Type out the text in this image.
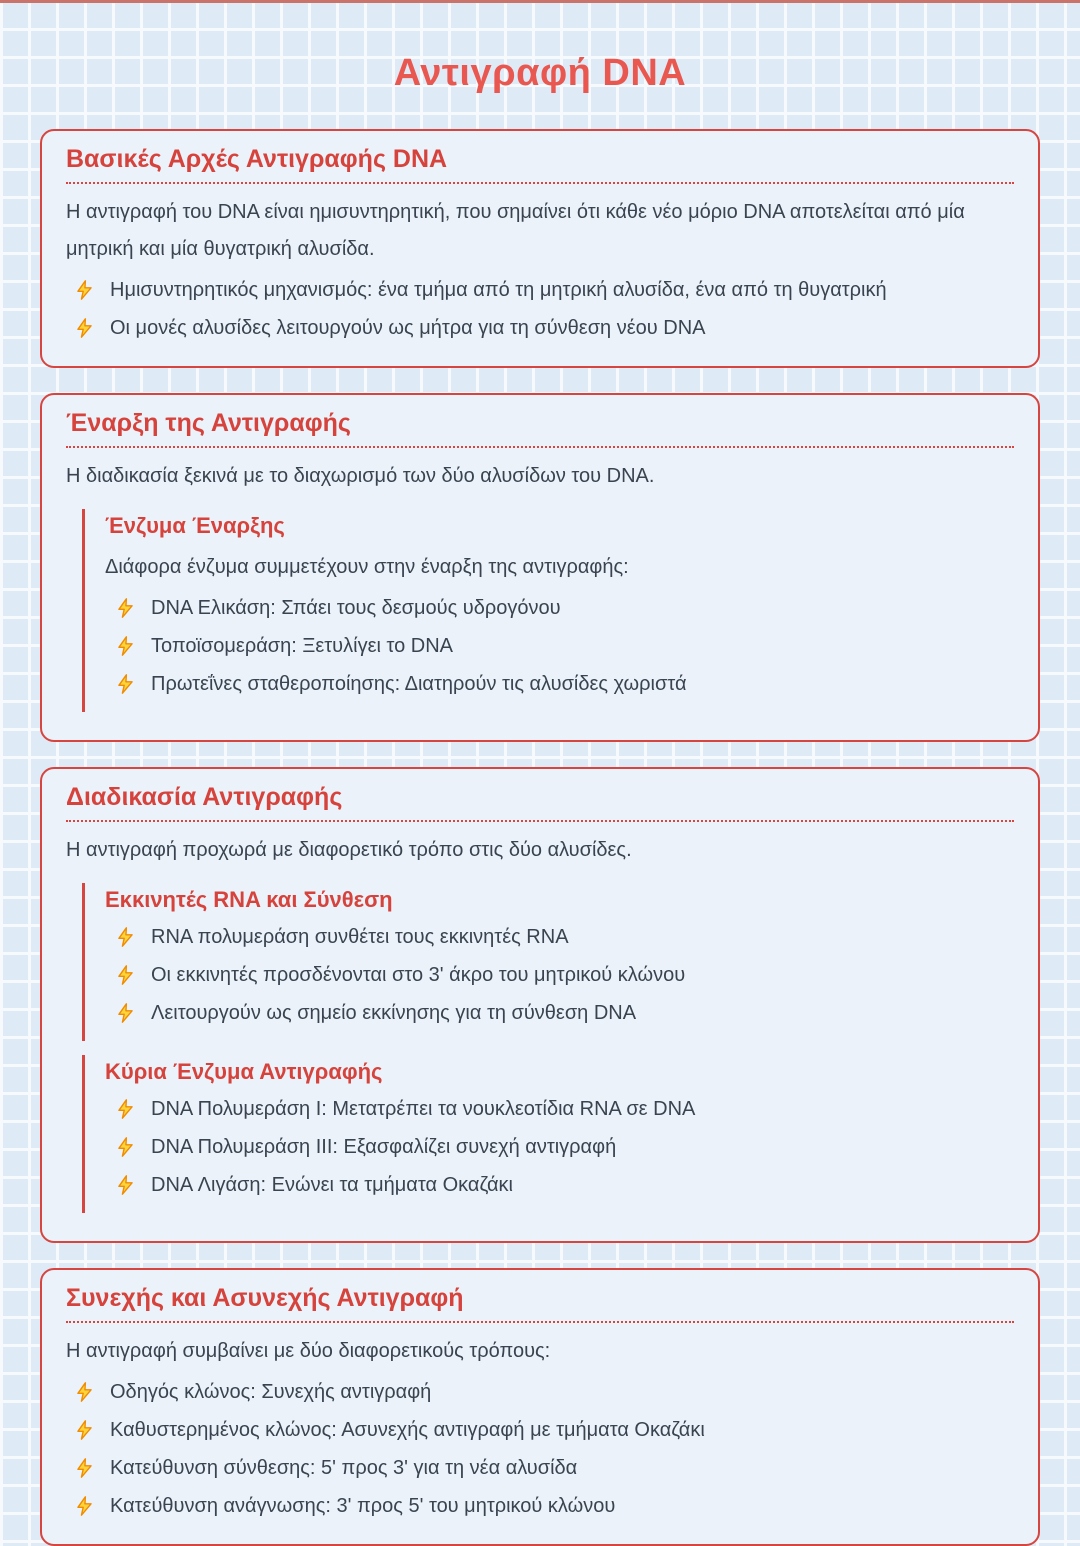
Αντιγραφή DNA
Βασικές Αρχές Αντιγραφής DNA

Η αντιγραφή του DNA είναι ημισυντηρητική, που σημαίνει ότι κάθε νέο μόριο DNA αποτελείται από μία μητρική και μία θυγατρική αλυσίδα.

Ημισυντηρητικός μηχανισμός: ένα τμήμα από τη μητρική αλυσίδα, ένα από τη θυγατρική
Οι μονές αλυσίδες λειτουργούν ως μήτρα για τη σύνθεση νέου DNA
Έναρξη της Αντιγραφής

Η διαδικασία ξεκινά με το διαχωρισμό των δύο αλυσίδων του DNA.

Ένζυμα Έναρξης

Διάφορα ένζυμα συμμετέχουν στην έναρξη της αντιγραφής:

DNA Ελικάση: Σπάει τους δεσμούς υδρογόνου
Τοποϊσομεράση: Ξετυλίγει το DNA
Πρωτεΐνες σταθεροποίησης: Διατηρούν τις αλυσίδες χωριστά
Διαδικασία Αντιγραφής

Η αντιγραφή προχωρά με διαφορετικό τρόπο στις δύο αλυσίδες.

Εκκινητές RNA και Σύνθεση
RNA πολυμεράση συνθέτει τους εκκινητές RNA
Οι εκκινητές προσδένονται στο 3' άκρο του μητρικού κλώνου
Λειτουργούν ως σημείο εκκίνησης για τη σύνθεση DNA
Κύρια Ένζυμα Αντιγραφής
DNA Πολυμεράση Ι: Μετατρέπει τα νουκλεοτίδια RNA σε DNA
DNA Πολυμεράση ΙΙΙ: Εξασφαλίζει συνεχή αντιγραφή
DNA Λιγάση: Ενώνει τα τμήματα Οκαζάκι
Συνεχής και Ασυνεχής Αντιγραφή

Η αντιγραφή συμβαίνει με δύο διαφορετικούς τρόπους:

Οδηγός κλώνος: Συνεχής αντιγραφή
Καθυστερημένος κλώνος: Ασυνεχής αντιγραφή με τμήματα Οκαζάκι
Κατεύθυνση σύνθεσης: 5' προς 3' για τη νέα αλυσίδα
Κατεύθυνση ανάγνωσης: 3' προς 5' του μητρικού κλώνου
